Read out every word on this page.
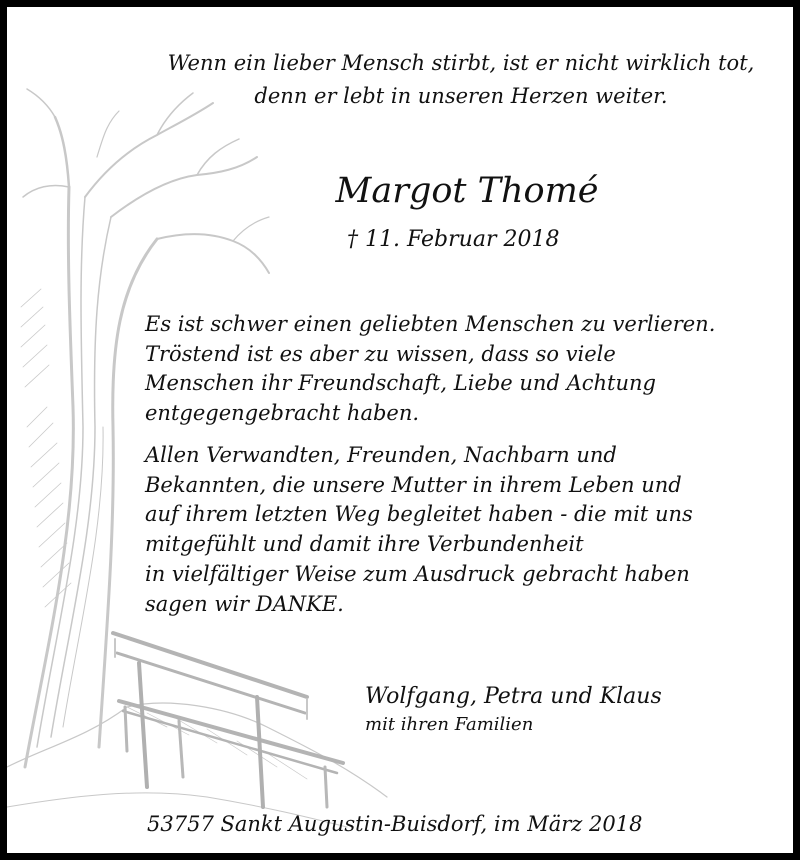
Wenn ein lieber Mensch stirbt, ist er nicht wirklich tot,
denn er lebt in unseren Herzen weiter.
Margot Thomé
† 11. Februar 2018
Es ist schwer einen geliebten Menschen zu verlieren.
Tröstend ist es aber zu wissen, dass so viele
Menschen ihr Freundschaft, Liebe und Achtung
entgegengebracht haben.
Allen Verwandten, Freunden, Nachbarn und
Bekannten, die unsere Mutter in ihrem Leben und
auf ihrem letzten Weg begleitet haben - die mit uns
mitgefühlt und damit ihre Verbundenheit
in vielfältiger Weise zum Ausdruck gebracht haben
sagen wir DANKE.
Wolfgang, Petra und Klaus
mit ihren Familien
53757 Sankt Augustin-Buisdorf, im März 2018
